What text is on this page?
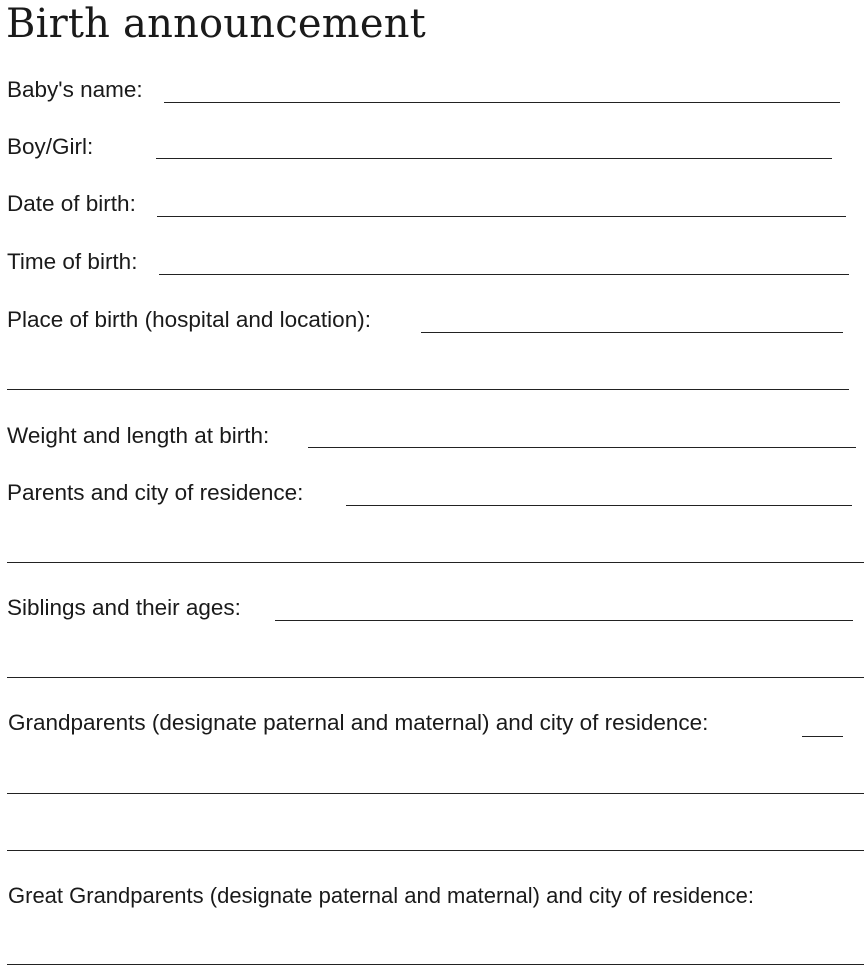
Birth announcement
Baby's name:
Boy/Girl:
Date of birth:
Time of birth:
Place of birth (hospital and location):
Weight and length at birth:
Parents and city of residence:
Siblings and their ages:
Grandparents (designate paternal and maternal) and city of residence:
Great Grandparents (designate paternal and maternal) and city of residence:
